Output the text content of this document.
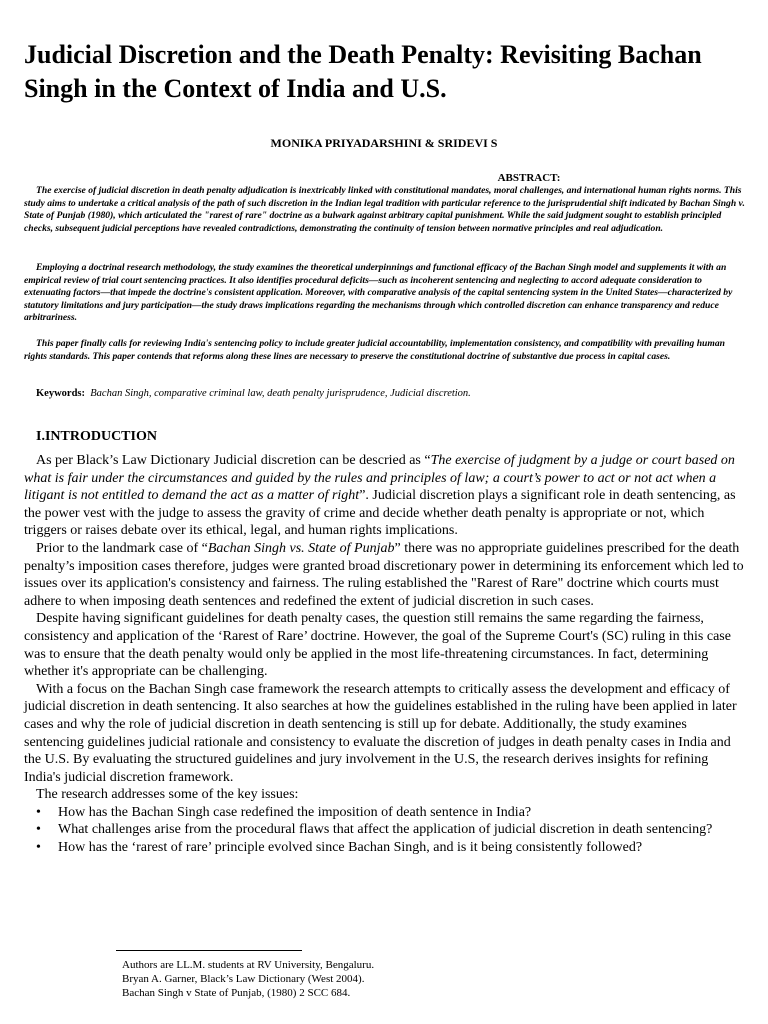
Judicial Discretion and the Death Penalty: Revisiting Bachan Singh in the Context of India and U.S.
MONIKA PRIYADARSHINI & SRIDEVI S
ABSTRACT:

The exercise of judicial discretion in death penalty adjudication is inextricably linked with constitutional mandates, moral challenges, and international human rights norms. This study aims to undertake a critical analysis of the path of such discretion in the Indian legal tradition with particular reference to the jurisprudential shift indicated by Bachan Singh v. State of Punjab (1980), which articulated the "rarest of rare" doctrine as a bulwark against arbitrary capital punishment. While the said judgment sought to establish principled checks, subsequent judicial perceptions have revealed contradictions, demonstrating the continuity of tension between normative principles and real adjudication.

Employing a doctrinal research methodology, the study examines the theoretical underpinnings and functional efficacy of the Bachan Singh model and supplements it with an empirical review of trial court sentencing practices. It also identifies procedural deficits—such as incoherent sentencing and neglecting to accord adequate consideration to extenuating factors—that impede the doctrine's consistent application. Moreover, with comparative analysis of the capital sentencing system in the United States—characterized by statutory limitations and jury participation—the study draws implications regarding the mechanisms through which controlled discretion can enhance transparency and reduce arbitrariness.

This paper finally calls for reviewing India's sentencing policy to include greater judicial accountability, implementation consistency, and compatibility with prevailing human rights standards. This paper contends that reforms along these lines are necessary to preserve the constitutional doctrine of substantive due process in capital cases.

Keywords: Bachan Singh, comparative criminal law, death penalty jurisprudence, Judicial discretion.

I.INTRODUCTION

As per Black’s Law Dictionary Judicial discretion can be descried as “The exercise of judgment by a judge or court based on what is fair under the circumstances and guided by the rules and principles of law; a court’s power to act or not act when a litigant is not entitled to demand the act as a matter of right”. Judicial discretion plays a significant role in death sentencing, as the power vest with the judge to assess the gravity of crime and decide whether death penalty is appropriate or not, which triggers or raises debate over its ethical, legal, and human rights implications.

Prior to the landmark case of “Bachan Singh vs. State of Punjab” there was no appropriate guidelines prescribed for the death penalty’s imposition cases therefore, judges were granted broad discretionary power in determining its enforcement which led to issues over its application's consistency and fairness. The ruling established the "Rarest of Rare" doctrine which courts must adhere to when imposing death sentences and redefined the extent of judicial discretion in such cases.

Despite having significant guidelines for death penalty cases, the question still remains the same regarding the fairness, consistency and application of the ‘Rarest of Rare’ doctrine. However, the goal of the Supreme Court's (SC) ruling in this case was to ensure that the death penalty would only be applied in the most life-threatening circumstances. In fact, determining whether it's appropriate can be challenging.

With a focus on the Bachan Singh case framework the research attempts to critically assess the development and efficacy of judicial discretion in death sentencing. It also searches at how the guidelines established in the ruling have been applied in later cases and why the role of judicial discretion in death sentencing is still up for debate. Additionally, the study examines sentencing guidelines judicial rationale and consistency to evaluate the discretion of judges in death penalty cases in India and the U.S. By evaluating the structured guidelines and jury involvement in the U.S, the research derives insights for refining India's judicial discretion framework.

The research addresses some of the key issues:

• How has the Bachan Singh case redefined the imposition of death sentence in India?
• What challenges arise from the procedural flaws that affect the application of judicial discretion in death sentencing?
• How has the ‘rarest of rare’ principle evolved since Bachan Singh, and is it being consistently followed?

Authors are LL.M. students at RV University, Bengaluru.

Bryan A. Garner, Black’s Law Dictionary (West 2004).

Bachan Singh v State of Punjab, (1980) 2 SCC 684.
